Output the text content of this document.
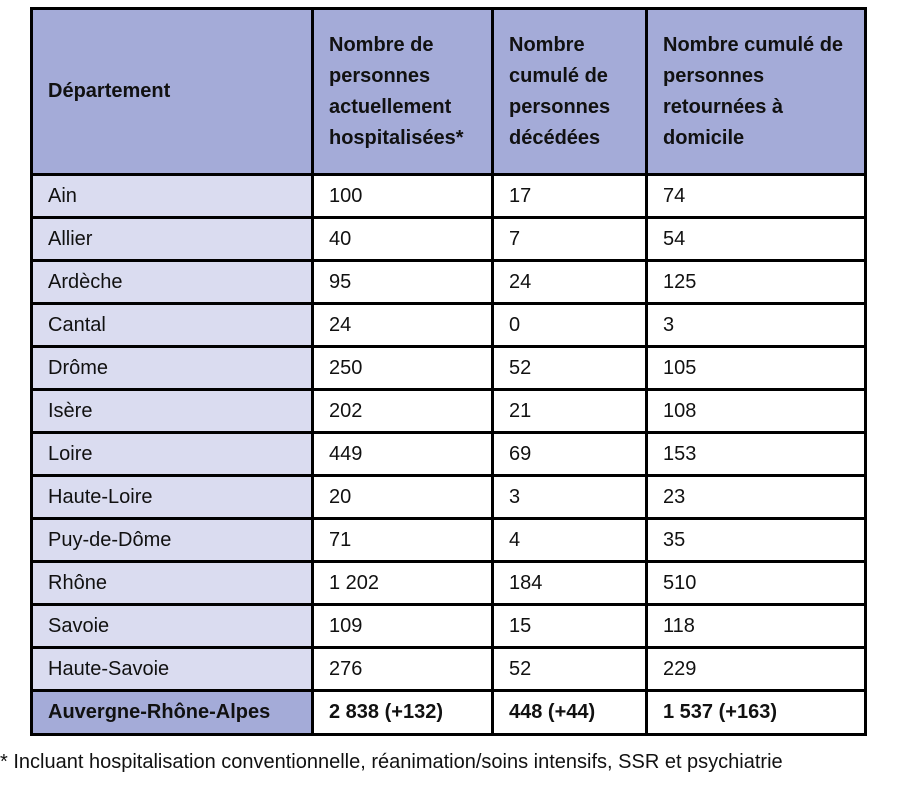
Département	Nombre de personnes actuellement hospitalisées*	Nombre cumulé de personnes décédées	Nombre cumulé de personnes retournées à domicile

Ain	100	17	74
Allier	40	7	54
Ardèche	95	24	125
Cantal	24	0	3
Drôme	250	52	105
Isère	202	21	108
Loire	449	69	153
Haute-Loire	20	3	23
Puy-de-Dôme	71	4	35
Rhône	1 202	184	510
Savoie	109	15	118
Haute-Savoie	276	52	229
Auvergne-Rhône-Alpes	2 838 (+132)	448 (+44)	1 537 (+163)
* Incluant hospitalisation conventionnelle, réanimation/soins intensifs, SSR et psychiatrie
